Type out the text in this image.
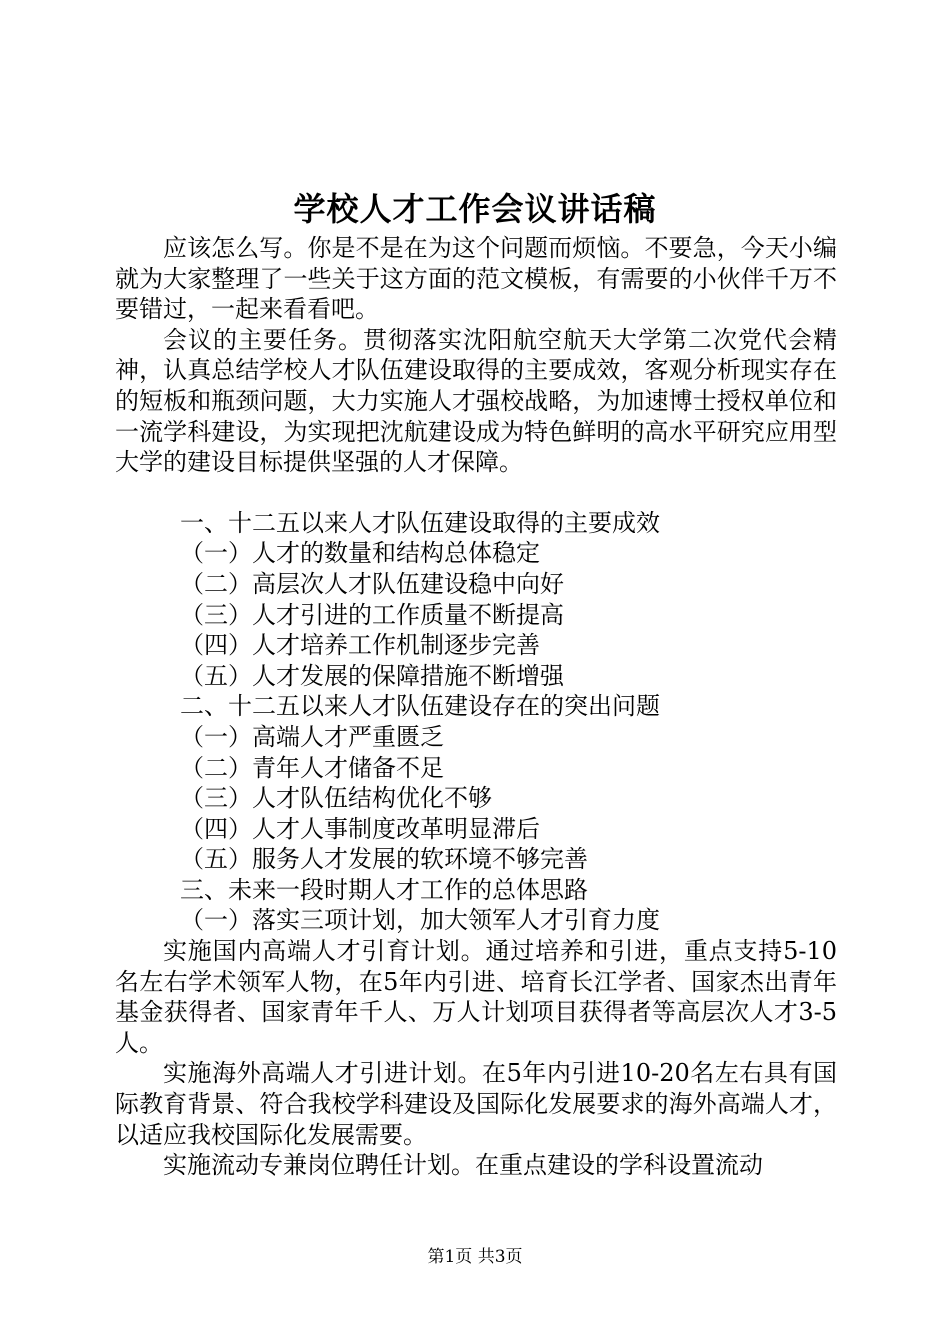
学校人才工作会议讲话稿

应该怎么写。你是不是在为这个问题而烦恼。不要急，今天小编就为大家整理了一些关于这方面的范文模板，有需要的小伙伴千万不要错过，一起来看看吧。

会议的主要任务。贯彻落实沈阳航空航天大学第二次党代会精神，认真总结学校人才队伍建设取得的主要成效，客观分析现实存在的短板和瓶颈问题，大力实施人才强校战略，为加速博士授权单位和一流学科建设，为实现把沈航建设成为特色鲜明的高水平研究应用型大学的建设目标提供坚强的人才保障。

一、十二五以来人才队伍建设取得的主要成效

（一）人才的数量和结构总体稳定

（二）高层次人才队伍建设稳中向好

（三）人才引进的工作质量不断提高

（四）人才培养工作机制逐步完善

（五）人才发展的保障措施不断增强

二、十二五以来人才队伍建设存在的突出问题

（一）高端人才严重匮乏

（二）青年人才储备不足

（三）人才队伍结构优化不够

（四）人才人事制度改革明显滞后

（五）服务人才发展的软环境不够完善

三、未来一段时期人才工作的总体思路

（一）落实三项计划，加大领军人才引育力度

实施国内高端人才引育计划。通过培养和引进，重点支持5-10名左右学术领军人物，在5年内引进、培育长江学者、国家杰出青年基金获得者、国家青年千人、万人计划项目获得者等高层次人才3-5人。

实施海外高端人才引进计划。在5年内引进10-20名左右具有国际教育背景、符合我校学科建设及国际化发展要求的海外高端人才，以适应我校国际化发展需要。

实施流动专兼岗位聘任计划。在重点建设的学科设置流动

第1页 共3页
